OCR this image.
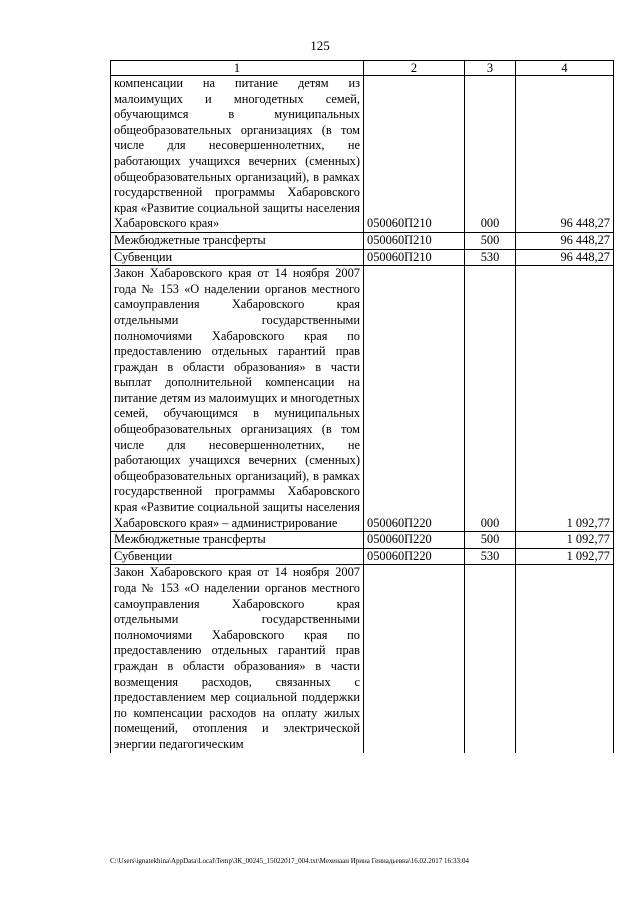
125
1	2	3	4
компенсации на питание детям из малоимущих и многодетных семей, обучающимся в муниципальных общеобразовательных организациях (в том числе для несовершеннолетних, не работающих учащихся вечерних (сменных) общеобразовательных организаций), в рамках государственной программы Хабаровского края «Развитие социальной защиты населения Хабаровского края»	050060П210	000	96 448,27
Межбюджетные трансферты	050060П210	500	96 448,27
Субвенции	050060П210	530	96 448,27
Закон Хабаровского края от 14 ноября 2007 года № 153 «О наделении органов местного самоуправления Хабаровского края отдельными государственными полномочиями Хабаровского края по предоставлению отдельных гарантий прав граждан в области образования» в части выплат дополнительной компенсации на питание детям из малоимущих и многодетных семей, обучающимся в муниципальных общеобразовательных организациях (в том числе для несовершеннолетних, не работающих учащихся вечерних (сменных) общеобразовательных организаций), в рамках государственной программы Хабаровского края «Развитие социальной защиты населения Хабаровского края» – администрирование	050060П220	000	1 092,77
Межбюджетные трансферты	050060П220	500	1 092,77
Субвенции	050060П220	530	1 092,77
Закон Хабаровского края от 14 ноября 2007 года № 153 «О наделении органов местного самоуправления Хабаровского края отдельными государственными полномочиями Хабаровского края по предоставлению отдельных гарантий прав граждан в области образования» в части возмещения расходов, связанных с предоставлением мер социальной поддержки по компенсации расходов на оплату жилых помещений, отопления и электрической энергии педагогическим			
C:\Users\ignatekhina\AppData\Local\Temp\ЗК_00245_15022017_004.txt\Мехенаан Ирина Геннадьевна\16.02.2017 16:33:04
